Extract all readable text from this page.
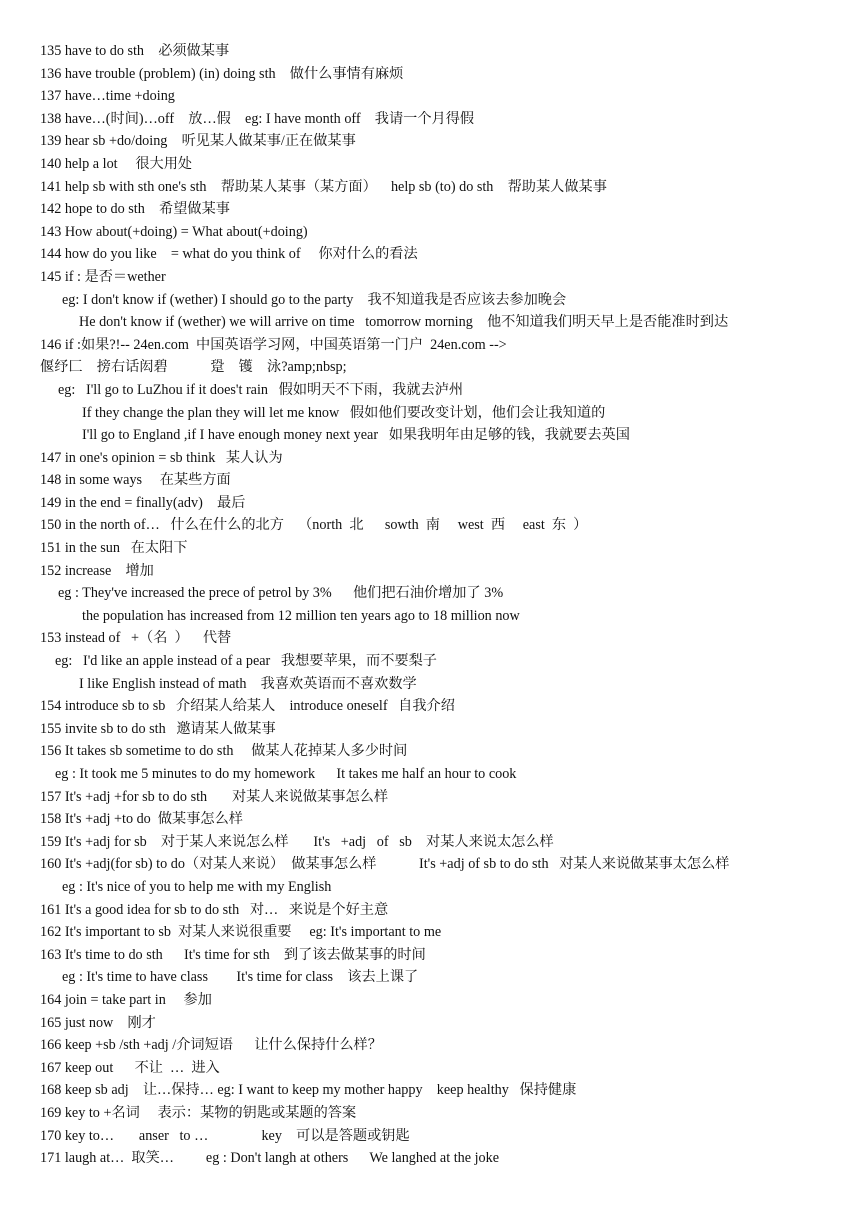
135 have to do sth    必须做某事
136 have trouble (problem) (in) doing sth    做什么事情有麻烦
137 have…time +doing
138 have…(时间)…off    放…假    eg: I have month off    我请一个月得假
139 hear sb +do/doing    听见某人做某事/正在做某事
140 help a lot     很大用处
141 help sb with sth one's sth    帮助某人某事（某方面）    help sb (to) do sth    帮助某人做某事
142 hope to do sth    希望做某事
143 How about(+doing) = What about(+doing)
144 how do you like    = what do you think of     你对什么的看法
145 if : 是否＝wether
eg: I don't know if (wether) I should go to the party    我不知道我是否应该去参加晚会
He don't know if (wether) we will arrive on time   tomorrow morning    他不知道我们明天早上是否能准时到达
146 if :如果?!-- 24en.com  中国英语学习网，中国英语第一门户  24en.com -->
偃纾匚    搒右话闳碧            跫    镬    泳?amp;nbsp;
eg:   I'll go to LuZhou if it does't rain   假如明天不下雨，我就去泸州
If they change the plan they will let me know   假如他们要改变计划，他们会让我知道的
I'll go to England ,if I have enough money next year   如果我明年由足够的钱，我就要去英国
147 in one's opinion = sb think   某人认为
148 in some ways     在某些方面
149 in the end = finally(adv)    最后
150 in the north of…   什么在什么的北方    （north  北      sowth  南     west  西     east  东  ）
151 in the sun   在太阳下
152 increase    增加
eg : They've increased the prece of petrol by 3%      他们把石油价增加了 3%
the population has increased from 12 million ten years ago to 18 million now
153 instead of   +（名  ）    代替
eg:   I'd like an apple instead of a pear   我想要苹果，而不要梨子
I like English instead of math    我喜欢英语而不喜欢数学
154 introduce sb to sb   介绍某人给某人    introduce oneself   自我介绍
155 invite sb to do sth   邀请某人做某事
156 It takes sb sometime to do sth     做某人花掉某人多少时间
eg : It took me 5 minutes to do my homework      It takes me half an hour to cook
157 It's +adj +for sb to do sth       对某人来说做某事怎么样
158 It's +adj +to do  做某事怎么样
159 It's +adj for sb    对于某人来说怎么样       It's   +adj   of   sb    对某人来说太怎么样
160 It's +adj(for sb) to do（对某人来说）  做某事怎么样            It's +adj of sb to do sth   对某人来说做某事太怎么样
eg : It's nice of you to help me with my English
161 It's a good idea for sb to do sth   对…   来说是个好主意
162 It's important to sb  对某人来说很重要     eg: It's important to me
163 It's time to do sth      It's time for sth    到了该去做某事的时间
eg : It's time to have class        It's time for class    该去上课了
164 join = take part in     参加
165 just now    刚才
166 keep +sb /sth +adj /介词短语      让什么保持什么样？
167 keep out      不让  …  进入
168 keep sb adj    让…保持… eg: I want to keep my mother happy    keep healthy   保持健康
169 key to +名词     表示：某物的钥匙或某题的答案
170 key to…       anser   to …               key    可以是答题或钥匙
171 laugh at…  取笑…         eg : Don't langh at others      We langhed at the joke
